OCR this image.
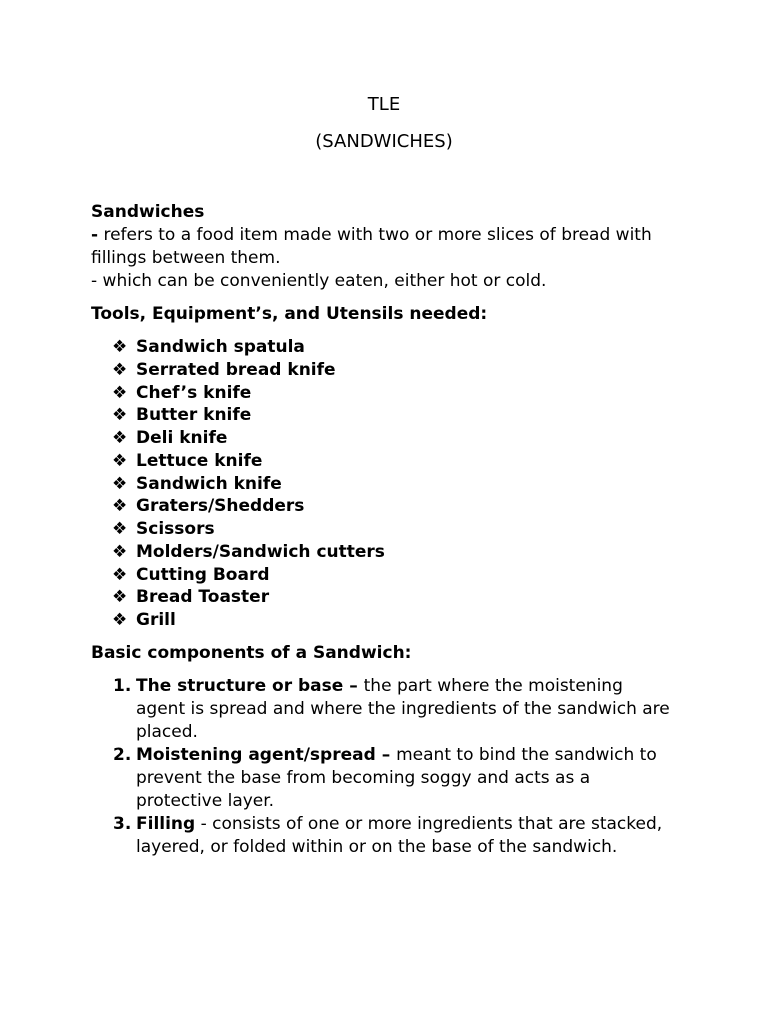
TLE
(SANDWICHES)

Sandwiches

- refers to a food item made with two or more slices of bread with fillings between them.

- which can be conveniently eaten, either hot or cold.

Tools, Equipment’s, and Utensils needed:

❖ Sandwich spatula
❖ Serrated bread knife
❖ Chef’s knife
❖ Butter knife
❖ Deli knife
❖ Lettuce knife
❖ Sandwich knife
❖ Graters/Shedders
❖ Scissors
❖ Molders/Sandwich cutters
❖ Cutting Board
❖ Bread Toaster
❖ Grill

Basic components of a Sandwich:

1. The structure or base – the part where the moistening agent is spread and where the ingredients of the sandwich are placed.
2. Moistening agent/spread – meant to bind the sandwich to prevent the base from becoming soggy and acts as a protective layer.
3. Filling - consists of one or more ingredients that are stacked, layered, or folded within or on the base of the sandwich.
